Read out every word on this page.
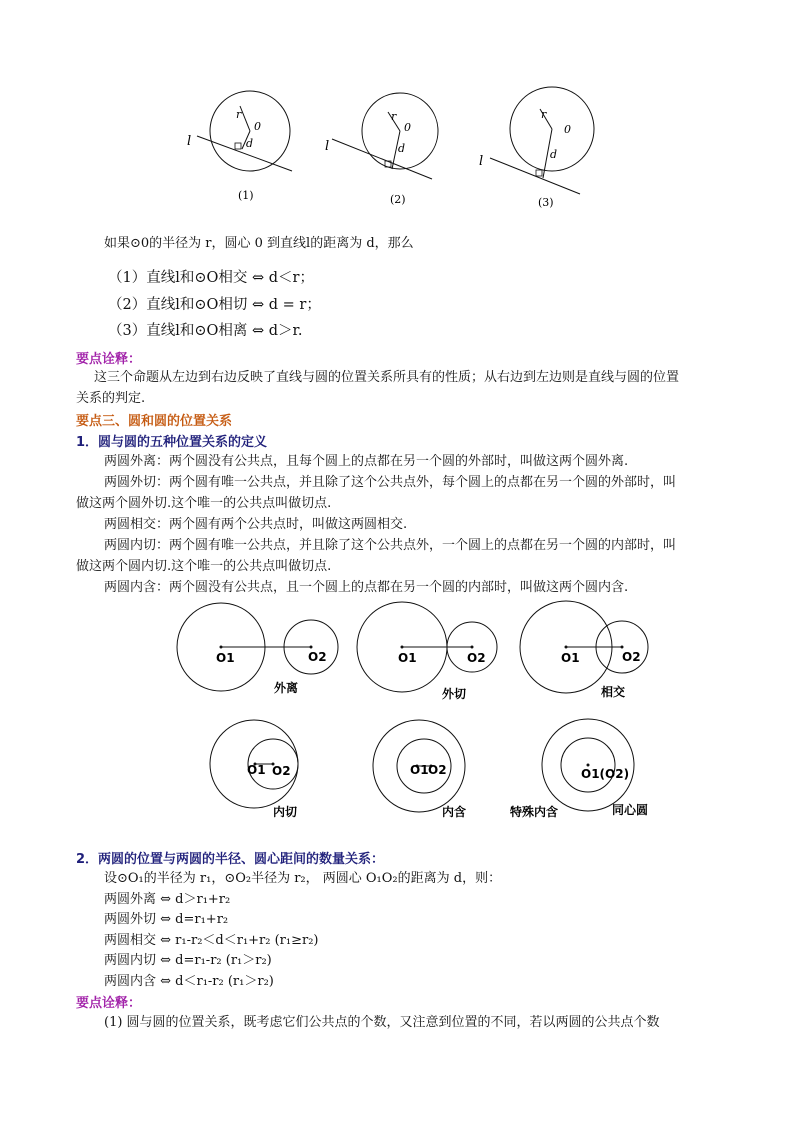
l
r
0
d
(1)
l
r
0
d
(2)
l
r
0
d
(3)
如果⊙0的半径为 r，圆心 0 到直线l的距离为 d，那么
（1）直线l和⊙O相交 ⇔ d＜r；
（2）直线l和⊙O相切 ⇔ d = r；
（3）直线l和⊙O相离 ⇔ d＞r.
要点诠释：
这三个命题从左边到右边反映了直线与圆的位置关系所具有的性质；从右边到左边则是直线与圆的位置
关系的判定.
要点三、圆和圆的位置关系
1．圆与圆的五种位置关系的定义
两圆外离：两个圆没有公共点，且每个圆上的点都在另一个圆的外部时，叫做这两个圆外离.
两圆外切：两个圆有唯一公共点，并且除了这个公共点外，每个圆上的点都在另一个圆的外部时，叫
做这两个圆外切.这个唯一的公共点叫做切点.
两圆相交：两个圆有两个公共点时，叫做这两圆相交.
两圆内切：两个圆有唯一公共点，并且除了这个公共点外，一个圆上的点都在另一个圆的内部时，叫
做这两个圆内切.这个唯一的公共点叫做切点.
两圆内含：两个圆没有公共点，且一个圆上的点都在另一个圆的内部时，叫做这两个圆内含.
O1	O2
外离
O1	O2
外切
O1	O2
相交
O1 O2
内切
O1 O2
内含
O1(O2)
特殊内含	同心圆
2．两圆的位置与两圆的半径、圆心距间的数量关系：
设⊙O₁的半径为 r₁，⊙O₂半径为 r₂， 两圆心 O₁O₂的距离为 d，则：
两圆外离 ⇔ d＞r₁+r₂
两圆外切 ⇔ d=r₁+r₂
两圆相交 ⇔ r₁-r₂＜d＜r₁+r₂ (r₁≥r₂)
两圆内切 ⇔ d=r₁-r₂ (r₁＞r₂)
两圆内含 ⇔ d＜r₁-r₂ (r₁＞r₂)
要点诠释：
(1) 圆与圆的位置关系，既考虑它们公共点的个数，又注意到位置的不同，若以两圆的公共点个数
